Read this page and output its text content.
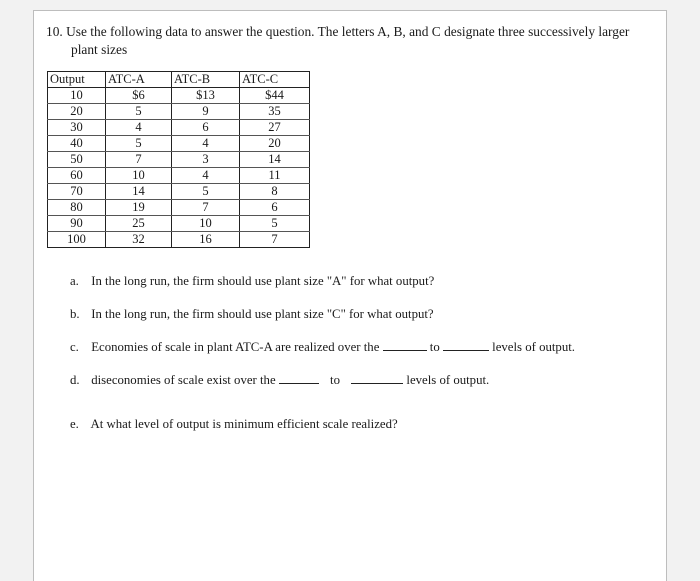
10. Use the following data to answer the question. The letters A, B, and C designate three successively larger
plant sizes
Output	ATC-A	ATC-B	ATC-C
10	$6	$13	$44
20	5	9	35
30	4	6	27
40	5	4	20
50	7	3	14
60	10	4	11
70	14	5	8
80	19	7	6
90	25	10	5
100	32	16	7
a. In the long run, the firm should use plant size "A" for what output?
b. In the long run, the firm should use plant size "C" for what output?
c. Economies of scale in plant ATC-A are realized over the	to	levels of output.
d. diseconomies of scale exist over the	to	levels of output.
e. At what level of output is minimum efficient scale realized?
